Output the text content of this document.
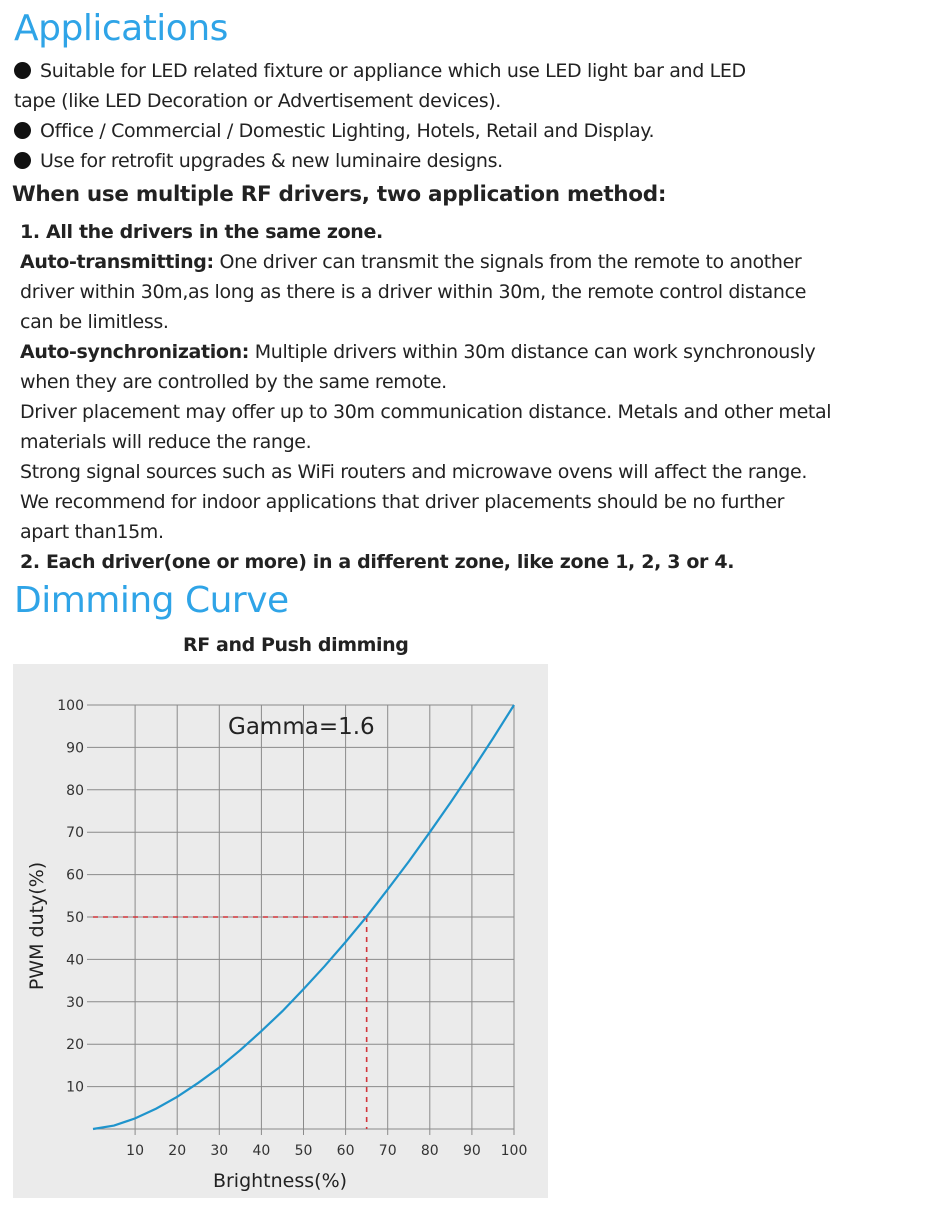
Applications
Suitable for LED related fixture or appliance which use LED light bar and LED
tape (like LED Decoration or Advertisement devices).
Office / Commercial / Domestic Lighting, Hotels, Retail and Display.
Use for retrofit upgrades & new luminaire designs.
When use multiple RF drivers, two application method:
1. All the drivers in the same zone.
Auto-transmitting: One driver can transmit the signals from the remote to another
driver within 30m,as long as there is a driver within 30m, the remote control distance
can be limitless.
Auto-synchronization: Multiple drivers within 30m distance can work synchronously
when they are controlled by the same remote.
Driver placement may offer up to 30m communication distance. Metals and other metal
materials will reduce the range.
Strong signal sources such as WiFi routers and microwave ovens will affect the range.
We recommend for indoor applications that driver placements should be no further
apart than15m.
2. Each driver(one or more) in a different zone, like zone 1, 2, 3 or 4.
Dimming Curve
RF and Push dimming
10 20 30 40 50 60 70 80 90 100
10
20
30
40
50
60
70
80
90
100
Gamma=1.6
Brightness(%)
PWM duty(%)
